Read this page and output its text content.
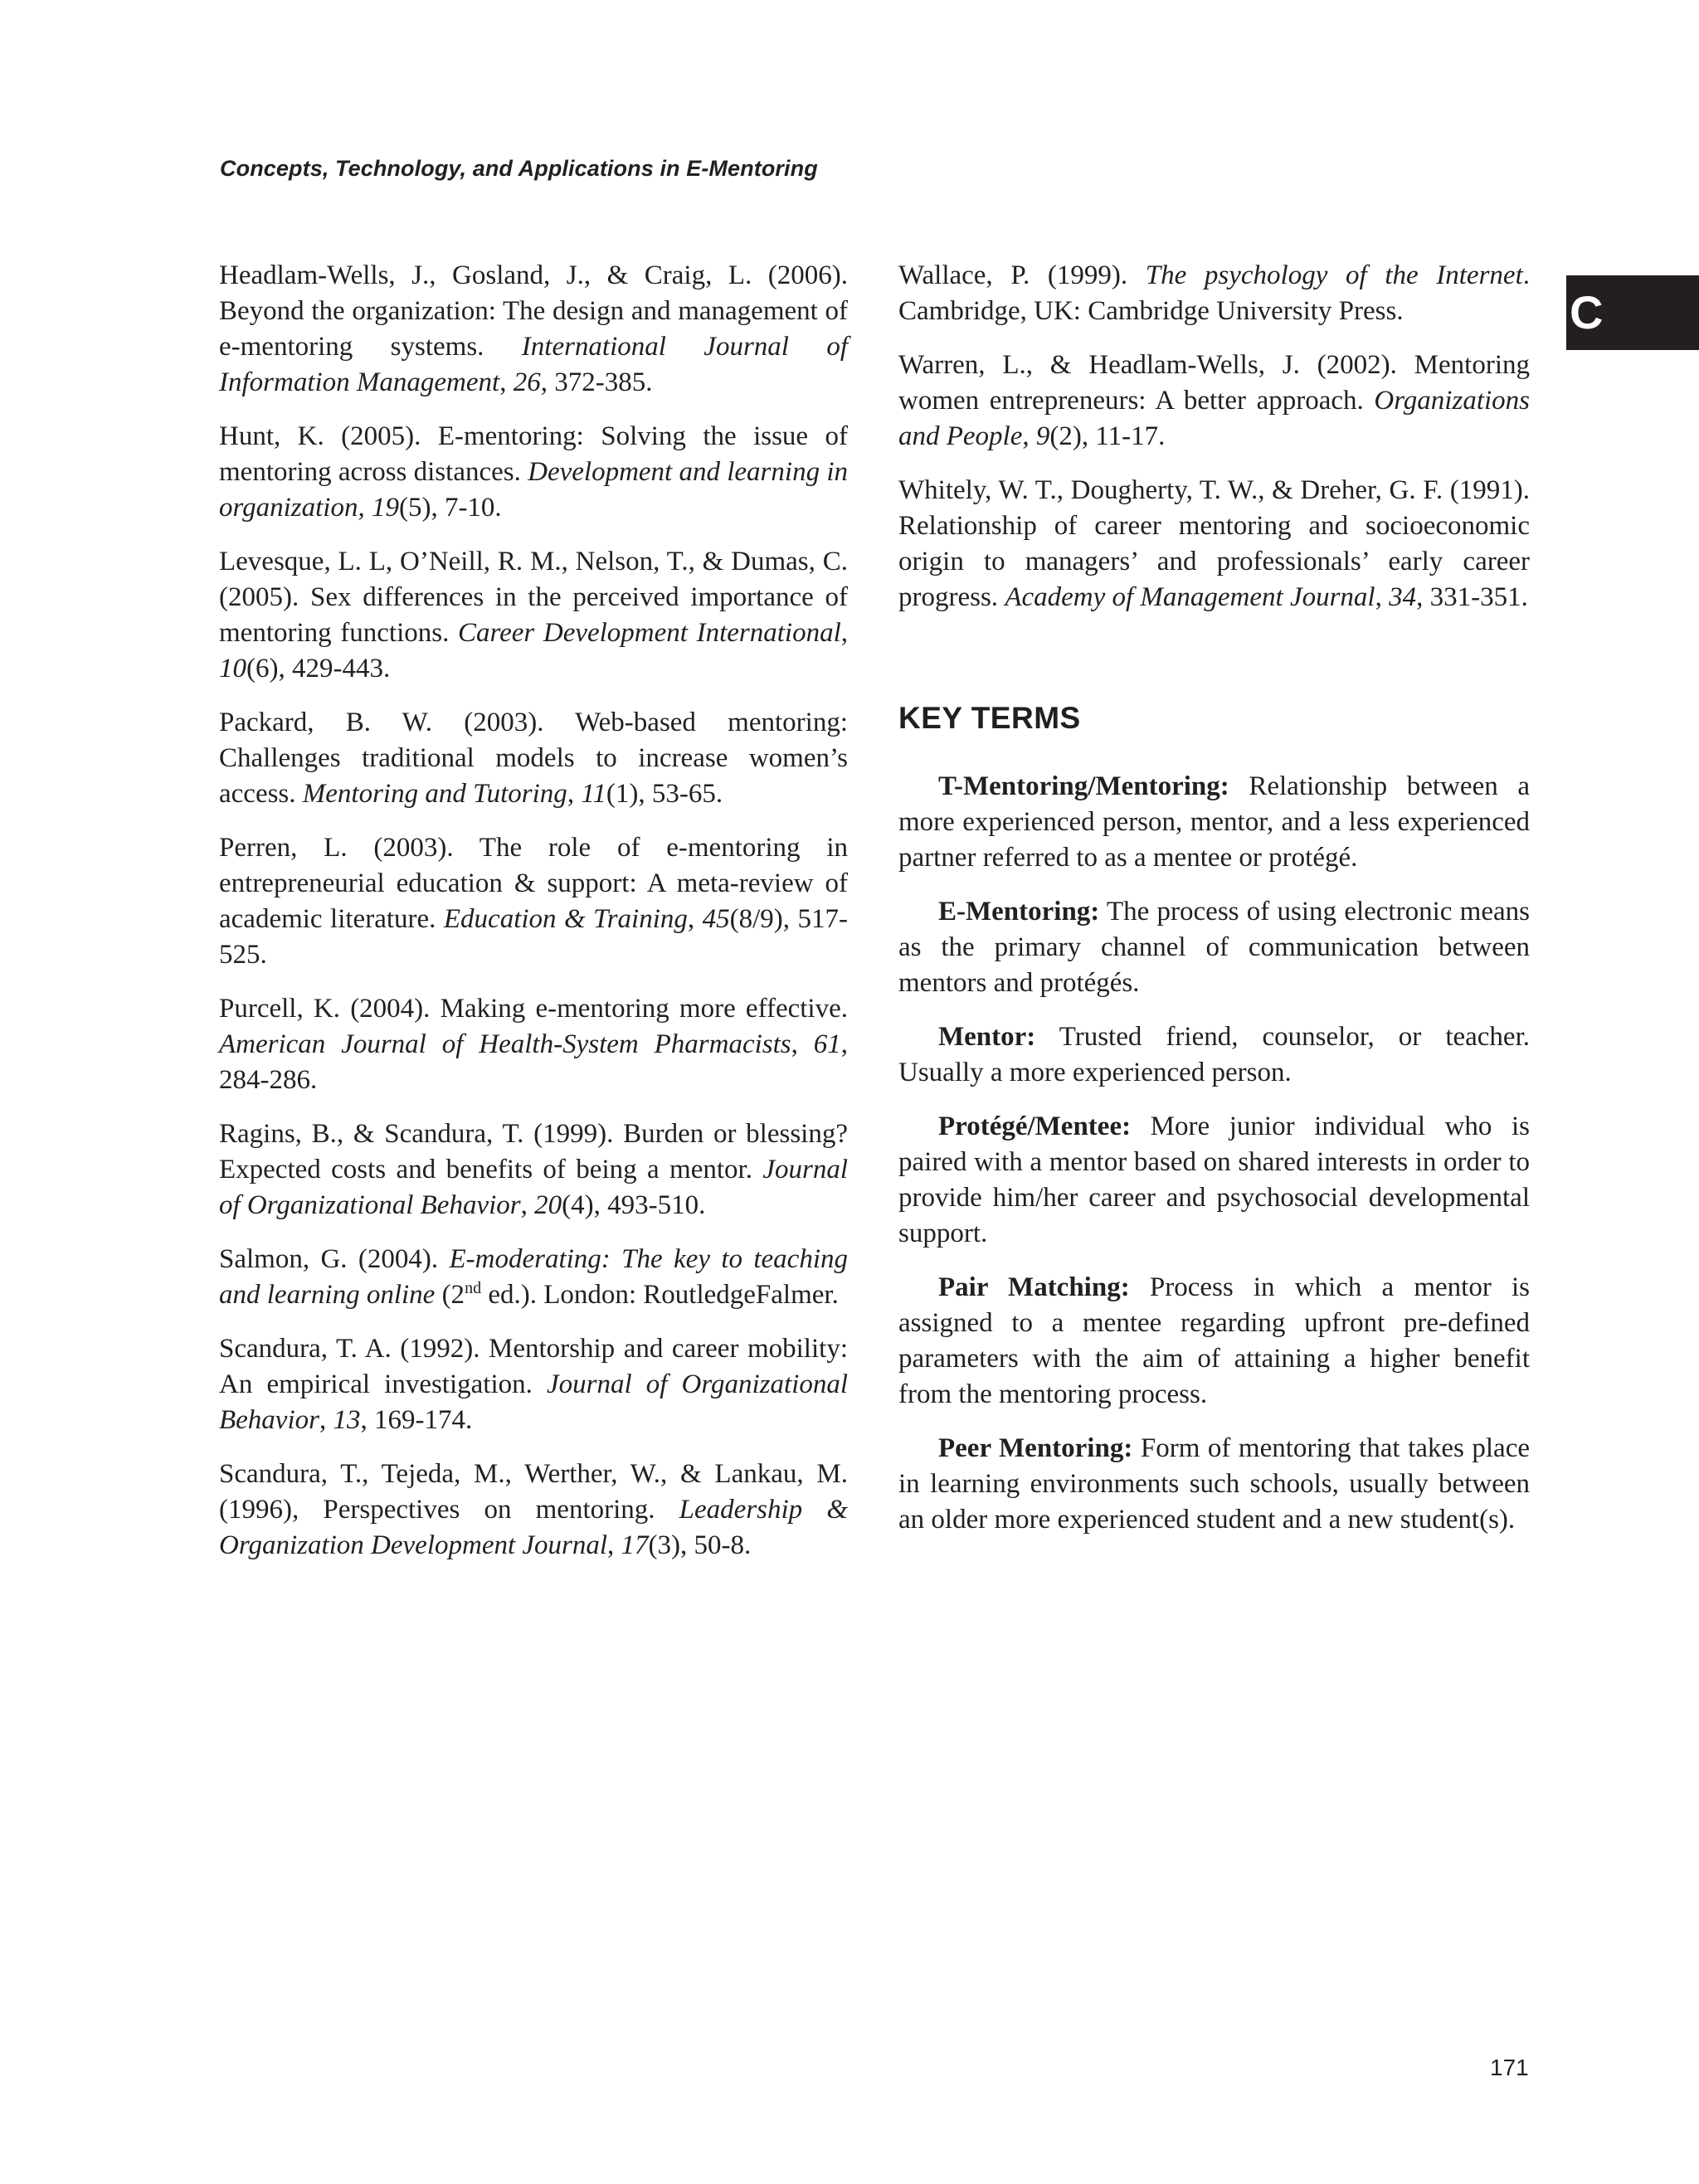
Concepts, Technology, and Applications in E-Mentoring
C

Headlam-Wells, J., Gosland, J., & Craig, L. (2006). Beyond the organization: The design and management of e-mentoring systems. International Journal of Information Management, 26, 372-385.

Hunt, K. (2005). E-mentoring: Solving the issue of mentoring across distances. Development and learning in organization, 19(5), 7-10.

Levesque, L. L, O’Neill, R. M., Nelson, T., & Dumas, C. (2005). Sex differences in the perceived importance of mentoring functions. Career Development International, 10(6), 429-443.

Packard, B. W. (2003). Web-based mentoring: Challenges traditional models to increase women’s access. Mentoring and Tutoring, 11(1), 53-65.

Perren, L. (2003). The role of e-mentoring in entrepreneurial education & support: A meta-review of academic literature. Education & Training, 45(8/9), 517-525.

Purcell, K. (2004). Making e-mentoring more effective. American Journal of Health-System Pharmacists, 61, 284-286.

Ragins, B., & Scandura, T. (1999). Burden or blessing? Expected costs and benefits of being a mentor. Journal of Organizational Behavior, 20(4), 493-510.

Salmon, G. (2004). E-moderating: The key to teaching and learning online (2nd ed.). London: RoutledgeFalmer.

Scandura, T. A. (1992). Mentorship and career mobility: An empirical investigation. Journal of Organizational Behavior, 13, 169-174.

Scandura, T., Tejeda, M., Werther, W., & Lankau, M. (1996), Perspectives on mentoring. Leadership & Organization Development Journal, 17(3), 50-8.

Wallace, P. (1999). The psychology of the Internet. Cambridge, UK: Cambridge University Press.

Warren, L., & Headlam-Wells, J. (2002). Mentoring women entrepreneurs: A better approach. Organizations and People, 9(2), 11-17.

Whitely, W. T., Dougherty, T. W., & Dreher, G. F. (1991). Relationship of career mentoring and socioeconomic origin to managers’ and professionals’ early career progress. Academy of Management Journal, 34, 331-351.

KEY TERMS

T-Mentoring/Mentoring: Relationship between a more experienced person, mentor, and a less experienced partner referred to as a mentee or protégé.

E-Mentoring: The process of using electronic means as the primary channel of communication between mentors and protégés.

Mentor: Trusted friend, counselor, or teacher. Usually a more experienced person.

Protégé/Mentee: More junior individual who is paired with a mentor based on shared interests in order to provide him/her career and psychosocial developmental support.

Pair Matching: Process in which a mentor is assigned to a mentee regarding upfront pre-defined parameters with the aim of attaining a higher benefit from the mentoring process.

Peer Mentoring: Form of mentoring that takes place in learning environments such schools, usually between an older more experienced student and a new student(s).

171
